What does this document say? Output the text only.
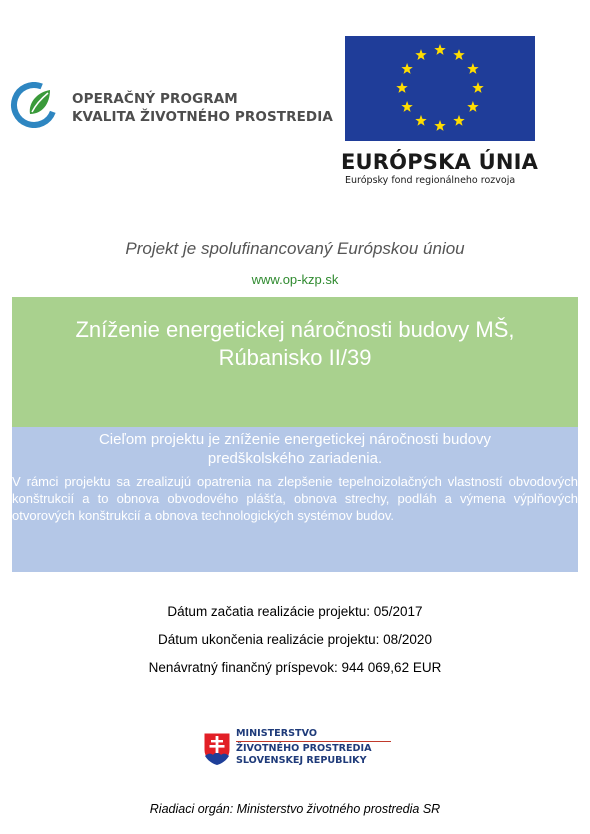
OPERAČNÝ PROGRAM
KVALITA ŽIVOTNÉHO PROSTREDIA
EURÓPSKA ÚNIA
Európsky fond regionálneho rozvoja
Projekt je spolufinancovaný Európskou úniou
www.op-kzp.sk
Zníženie energetickej náročnosti budovy MŠ,
Rúbanisko II/39
Cieľom projektu je zníženie energetickej náročnosti budovy
predškolského zariadenia.
V rámci projektu sa zrealizujú opatrenia na zlepšenie tepelnoizolačných vlastností obvodových konštrukcií a to obnova obvodového plášťa, obnova strechy, podláh a výmena výplňových otvorových konštrukcií a obnova technologických systémov budov.
Dátum začatia realizácie projektu: 05/2017
Dátum ukončenia realizácie projektu: 08/2020
Nenávratný finančný príspevok: 944 069,62 EUR
MINISTERSTVO
ŽIVOTNÉHO PROSTREDIA
SLOVENSKEJ REPUBLIKY
Riadiaci orgán: Ministerstvo životného prostredia SR
